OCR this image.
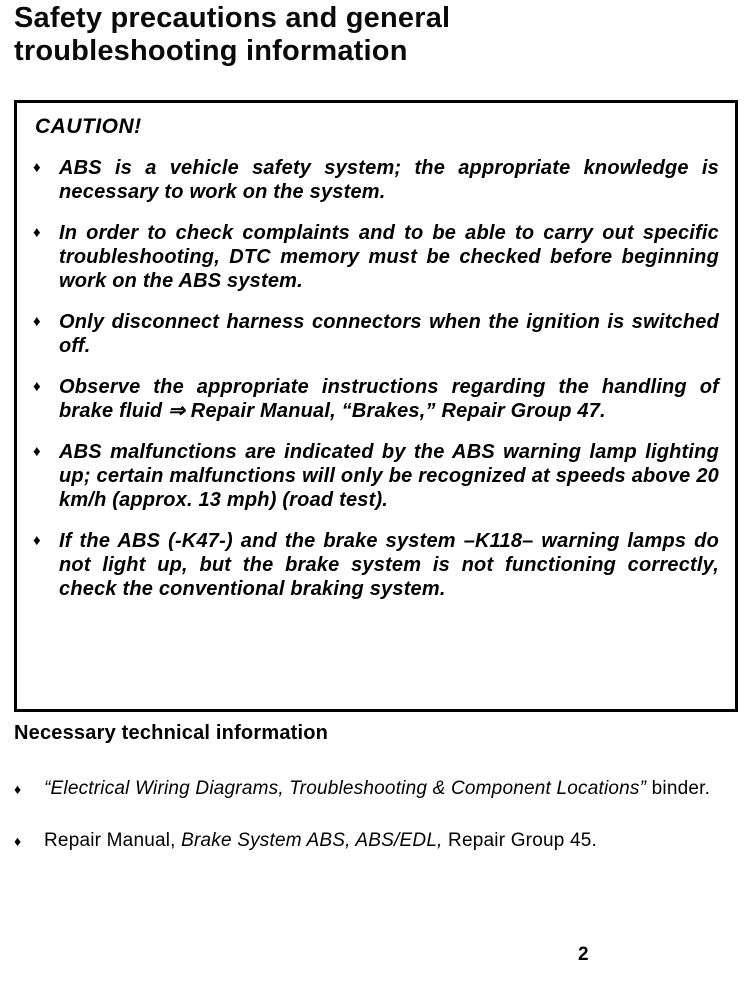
Safety precautions and general troubleshooting information
CAUTION!
♦ ABS is a vehicle safety system; the appropriate knowledge is necessary to work on the system.
♦ In order to check complaints and to be able to carry out specific troubleshooting, DTC memory must be checked before beginning work on the ABS system.
♦ Only disconnect harness connectors when the ignition is switched off.
♦ Observe the appropriate instructions regarding the handling of brake fluid ⇒ Repair Manual, “Brakes,” Repair Group 47.
♦ ABS malfunctions are indicated by the ABS warning lamp lighting up; certain malfunctions will only be recognized at speeds above 20 km/h (approx. 13 mph) (road test).
♦ If the ABS (-K47-) and the brake system –K118– warning lamps do not light up, but the brake system is not functioning correctly, check the conventional braking system.
Necessary technical information
♦ “Electrical Wiring Diagrams, Troubleshooting & Component Locations” binder.
♦ Repair Manual, Brake System ABS, ABS/EDL, Repair Group 45.
2
